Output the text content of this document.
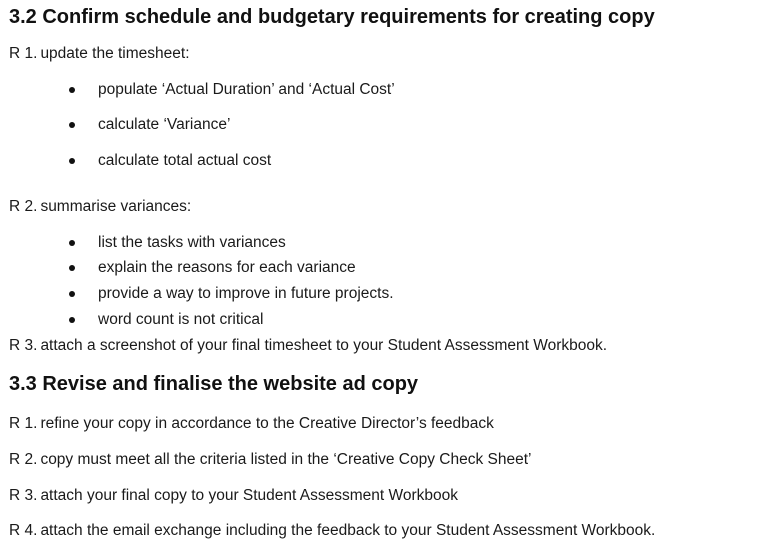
3.2 Confirm schedule and budgetary requirements for creating copy

R 1. update the timesheet:

populate ‘Actual Duration’ and ‘Actual Cost’

calculate ‘Variance’

calculate total actual cost

R 2. summarise variances:

list the tasks with variances

explain the reasons for each variance

provide a way to improve in future projects.

word count is not critical

R 3. attach a screenshot of your final timesheet to your Student Assessment Workbook.

3.3 Revise and finalise the website ad copy

R 1. refine your copy in accordance to the Creative Director’s feedback

R 2. copy must meet all the criteria listed in the ‘Creative Copy Check Sheet’

R 3. attach your final copy to your Student Assessment Workbook

R 4. attach the email exchange including the feedback to your Student Assessment Workbook.
